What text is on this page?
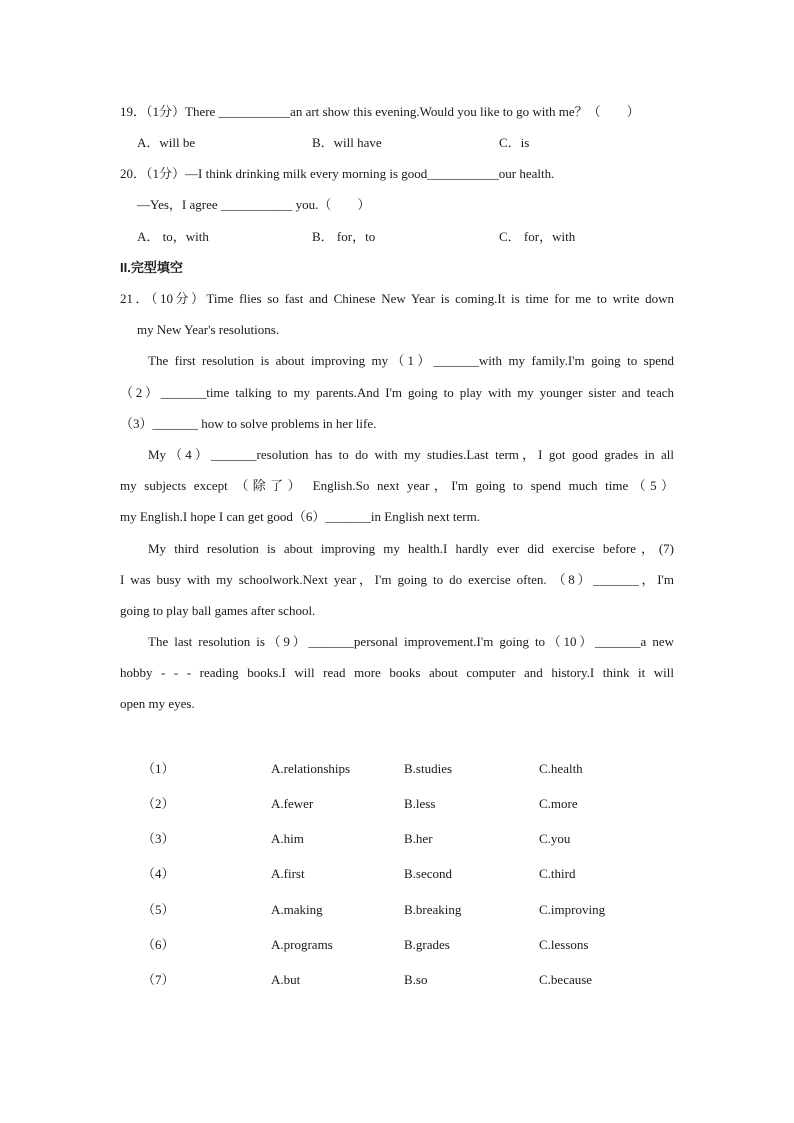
19．（1分）There ___________an art show this evening.Would you like to go with me？（　　）
A．will be	B．will have	C．is
20．（1分）—I think drinking milk every morning is good___________our health.
—Yes，I agree ___________ you.（　　）
A． to，with	B． for，to	C． for，with
II.完型填空
21．（10分）Time flies so fast and Chinese New Year is coming.It is time for me to write down
my New Year's resolutions.
The first resolution is about improving my（1）_______with my family.I'm going to spend
（2）_______time talking to my parents.And I'm going to play with my younger sister and teach
（3）_______ how to solve problems in her life.
My（4）_______resolution has to do with my studies.Last term，I got good grades in all
my subjects except （除了） English.So next year，I'm going to spend much time（5）
my English.I hope I can get good（6）_______in English next term.
My third resolution is about improving my health.I hardly ever did exercise before，(7)
I was busy with my schoolwork.Next year，I'm going to do exercise often. （8）_______，I'm
going to play ball games after school.
The last resolution is（9）_______personal improvement.I'm going to（10）_______a new
hobby - - - reading books.I will read more books about computer and history.I think it will
open my eyes.
（1）	A.relationships	B.studies	C.health
（2）	A.fewer	B.less	C.more
（3）	A.him	B.her	C.you
（4）	A.first	B.second	C.third
（5）	A.making	B.breaking	C.improving
（6）	A.programs	B.grades	C.lessons
（7）	A.but	B.so	C.because
